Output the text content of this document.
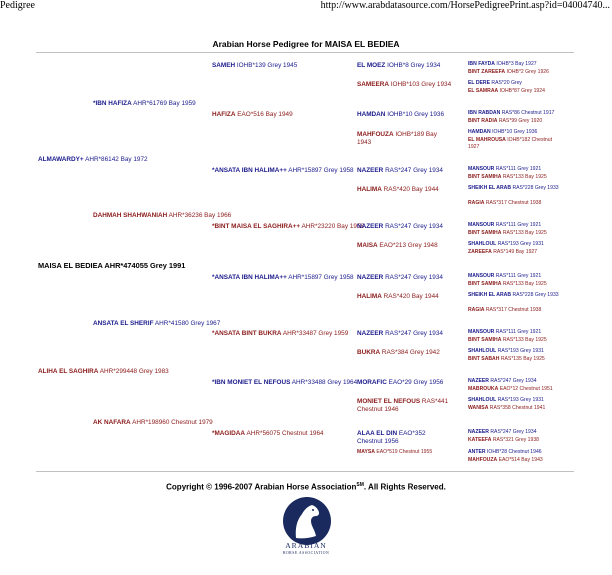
Pedigree	http://www.arabdatasource.com/HorsePedigreePrint.asp?id=04004740...
Arabian Horse Pedigree for MAISA EL BEDIEA
MAISA EL BEDIEA AHR*474055 Grey 1991
ALMAWARDY+ AHR*86142 Bay 1972
ALIHA EL SAGHIRA AHR*299448 Grey 1983
*IBN HAFIZA AHR*61769 Bay 1959
DAHMAH SHAHWANIAH AHR*36236 Bay 1966
ANSATA EL SHERIF AHR*41580 Grey 1967
AK NAFARA AHR*198960 Chestnut 1979
SAMEH IOHB*139 Grey 1945
HAFIZA EAO*516 Bay 1949
*ANSATA IBN HALIMA++ AHR*15897 Grey 1958
*BINT MAISA EL SAGHIRA++ AHR*23220 Bay 1958
*ANSATA IBN HALIMA++ AHR*15897 Grey 1958
*ANSATA BINT BUKRA AHR*33487 Grey 1959
*IBN MONIET EL NEFOUS AHR*33488 Grey 1964
*MAGIDAA AHR*56075 Chestnut 1964
EL MOEZ IOHB*8 Grey 1934
SAMEERA IOHB*103 Grey 1934
HAMDAN IOHB*10 Grey 1936
MAHFOUZA IOHB*189 Bay 1943
NAZEER RAS*247 Grey 1934
HALIMA RAS*420 Bay 1944
NAZEER RAS*247 Grey 1934
MAISA EAO*213 Grey 1948
NAZEER RAS*247 Grey 1934
HALIMA RAS*420 Bay 1944
NAZEER RAS*247 Grey 1934
BUKRA RAS*384 Grey 1942
MORAFIC EAO*29 Grey 1956
MONIET EL NEFOUS RAS*441 Chestnut 1946
ALAA EL DIN EAO*352 Chestnut 1956
MAYSA EAO*519 Chestnut 1955
IBN FAYDA IOHB*3 Bay 1927
BINT ZAREEFA IOHB*2 Grey 1926
EL DERE RAS*20 Grey
EL SAMRAA IOHB*87 Grey 1924
IBN RABDAN RAS*86 Chestnut 1917
BINT RADIA RAS*99 Grey 1920
HAMDAN IOHB*10 Grey 1936
EL MAHROUSA IOHB*182 Chestnut 1927
MANSOUR RAS*111 Grey 1921
BINT SAMIHA RAS*133 Bay 1925
SHEIKH EL ARAB RAS*228 Grey 1933
RAGIA RAS*317 Chestnut 1938
MANSOUR RAS*111 Grey 1921
BINT SAMIHA RAS*133 Bay 1925
SHAHLOUL RAS*193 Grey 1931
ZAREEFA RAS*149 Bay 1927
MANSOUR RAS*111 Grey 1921
BINT SAMIHA RAS*133 Bay 1925
SHEIKH EL ARAB RAS*228 Grey 1933
RAGIA RAS*317 Chestnut 1938
MANSOUR RAS*111 Grey 1921
BINT SAMIHA RAS*133 Bay 1925
SHAHLOUL RAS*193 Grey 1931
BINT SABAH RAS*135 Bay 1925
NAZEER RAS*247 Grey 1934
MABROUKA EAO*12 Chestnut 1951
SHAHLOUL RAS*193 Grey 1931
WANISA RAS*358 Chestnut 1941
NAZEER RAS*247 Grey 1934
KATEEFA RAS*321 Grey 1938
ANTER IOHB*28 Chestnut 1946
MAHFOUZA EAO*514 Bay 1943
Copyright © 1996-2007 Arabian Horse Association℠. All Rights Reserved.
ARABIAN
HORSE ASSOCIATION
